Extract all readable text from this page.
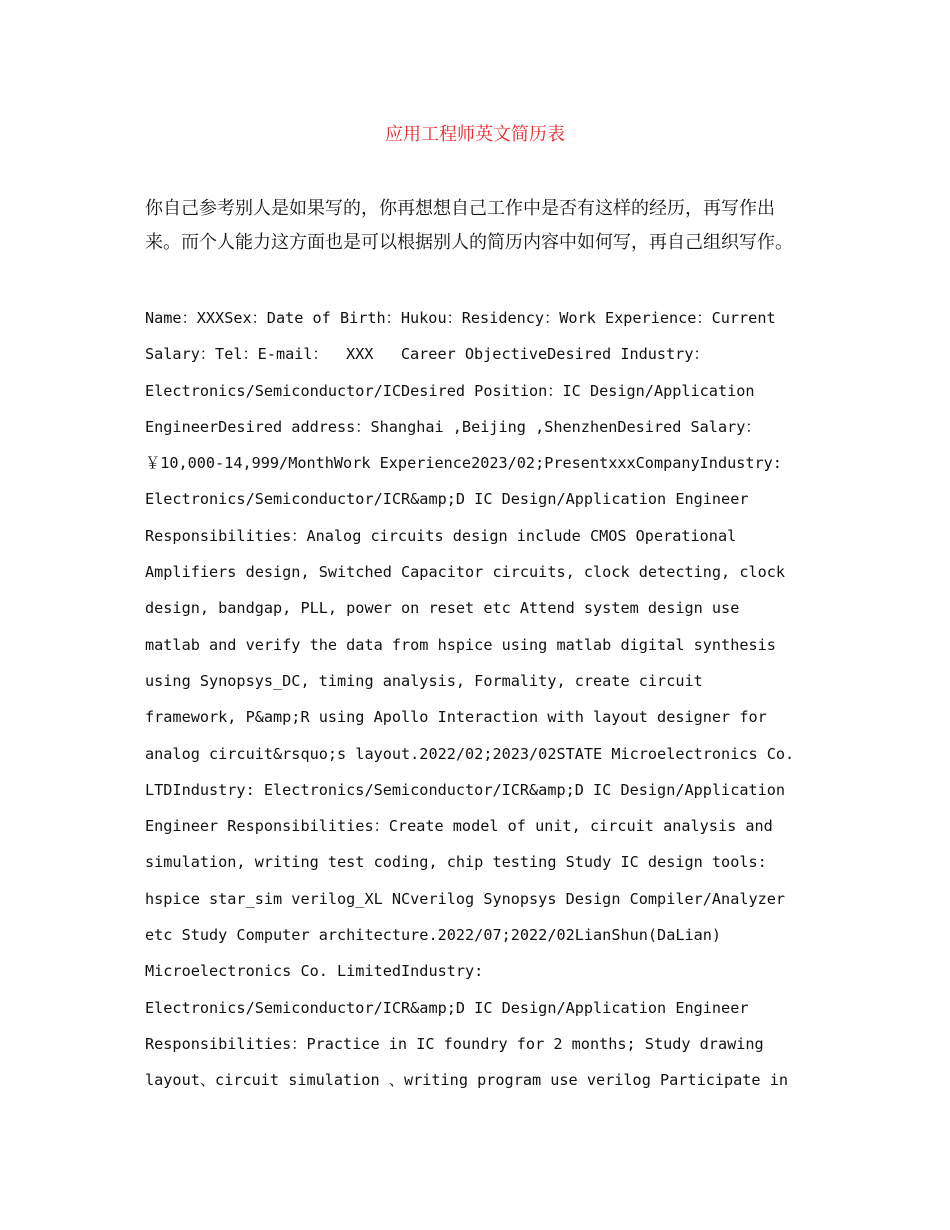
应用工程师英文简历表

你自己参考别人是如果写的，你再想想自己工作中是否有这样的经历，再写作出来。而个人能力这方面也是可以根据别人的简历内容中如何写，再自己组织写作。

Name：XXXSex：Date of Birth：Hukou：Residency：Work Experience：Current
Salary：Tel：E-mail：  XXX   Career ObjectiveDesired Industry：
Electronics/Semiconductor/ICDesired Position：IC Design/Application
EngineerDesired address：Shanghai ,Beijing ,ShenzhenDesired Salary：
￥10,000-14,999/MonthWork Experience2023/02;PresentxxxCompanyIndustry:
Electronics/Semiconductor/ICR&amp;D IC Design/Application Engineer
Responsibilities：Analog circuits design include CMOS Operational
Amplifiers design, Switched Capacitor circuits, clock detecting, clock
design, bandgap, PLL, power on reset etc Attend system design use
matlab and verify the data from hspice using matlab digital synthesis
using Synopsys_DC, timing analysis, Formality, create circuit
framework, P&amp;R using Apollo Interaction with layout designer for
analog circuit&rsquo;s layout.2022/02;2023/02STATE Microelectronics Co.
LTDIndustry: Electronics/Semiconductor/ICR&amp;D IC Design/Application
Engineer Responsibilities：Create model of unit, circuit analysis and
simulation, writing test coding, chip testing Study IC design tools:
hspice star_sim verilog_XL NCverilog Synopsys Design Compiler/Analyzer
etc Study Computer architecture.2022/07;2022/02LianShun(DaLian)
Microelectronics Co. LimitedIndustry:
Electronics/Semiconductor/ICR&amp;D IC Design/Application Engineer
Responsibilities：Practice in IC foundry for 2 months; Study drawing
layout、circuit simulation 、writing program use verilog Participate in
